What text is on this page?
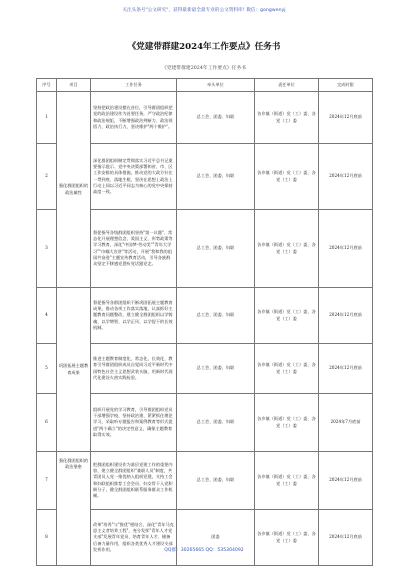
关注头条号"公文研究"，获得最新最全最专业的公文资料库! 微信：gongwenyj
《党建带群建2024年工作要点》任务书
《党建带群建2024年工作要点》任务书
序号	项目	工作任务	牵头单位	责任单位	完成时限
1	强化群团组织的政治属性	坚持把政治建设摆在首位，引导群团组织把党的政治建设作为首要任务，严守政治纪律和政治规矩，不断增强政治判断力、政治领悟力、政治执行力，坚决维护"两个维护"。	总工会、团委、妇联	各乡镇（街道）党（工）委、各党（工）委	2024年12月底前
2		深化群团组织制定贯彻落实习近平总书记重要指示批示、党中央决策部署和省、市、区工作安排的具体措施，推动党的大政方针在一贯到底、落地生根，坚决在思想上政治上行动上同以习近平同志为核心的党中央保持高度一致。	总工会、团委、妇联	各乡镇（街道）党（工）委、各党（工）委	2024年12月底前
3		督促指导各级群团组织坚持"第一议题"、常态化开展理想信念、爱国主义、形势政策等学习教育，深化"中国梦·劳动美""青年大学习""巾帼大宣讲"等活动，开展"我和我的祖国共奋进"主题宣传教育活动，引导各族群众坚定不移感党恩听党话跟党走。	总工会、团委、妇联	各乡镇（街道）党（工）委、各党（工）委	2024年12月底前
4	巩固拓展主题教育成果	督促指导各群团组织不断巩固拓展主题教育成果，推动各项工作落实落地，认真抓好主题教育问题整改，建立健全群团组织以学铸魂、以学增智、以学正风、以学促干的长效机制。	总工会、团委、妇联	各乡镇（街道）党（工）委、各党（工）委	2024年12月底前
5		推进主题教育制度化、常态化、长效化，教育引导群团组织成员自觉同习近平新时代中国特色社会主义思想武装头脑，用新时代现代化建设火热实践检验。	总工会、团委、妇联	各乡镇（街道）党（工）委、各党（工）委	2024年12月底前
6		组织开展党的学习教育，引导群团组织党员干部增强学校、坚持政治建、紧紧抓住理论学习，采取听专题报告和案例教育等形式促进"两个确立"的决定性意义，确保主题教育取得实效。	总工会、团委、妇联	各乡镇（街道）党（工）委、各党（工）委	2024年7月底前
7	强化群团组织的政治堡垒	把群团组织建设作为基层党建工作的重要内容，建立健全群团组织"兼职人员"制度，共青团员入党一推优纳入组织党建，支持工会和妇联组织推荐工会会员、妇女骨干入党积极分子，健全群团组织联系服务群众工作机制。	总工会、团委、妇联	各乡镇（街道）党（工）委、各党（工）委	2024年12月底前
8		改革"培养"与"推优"相结合，深化"青年马克思主义者培养工程"，充分发挥"青年人才党支部"发展青年党员、培育青年人才、储备后备力量作用，组织各类优秀人才建设支部发挥作用。	团委	各乡镇（街道）党（工）委、各党（工）委	2024年12月底前
QQ群：30265665 QQ：535304092
